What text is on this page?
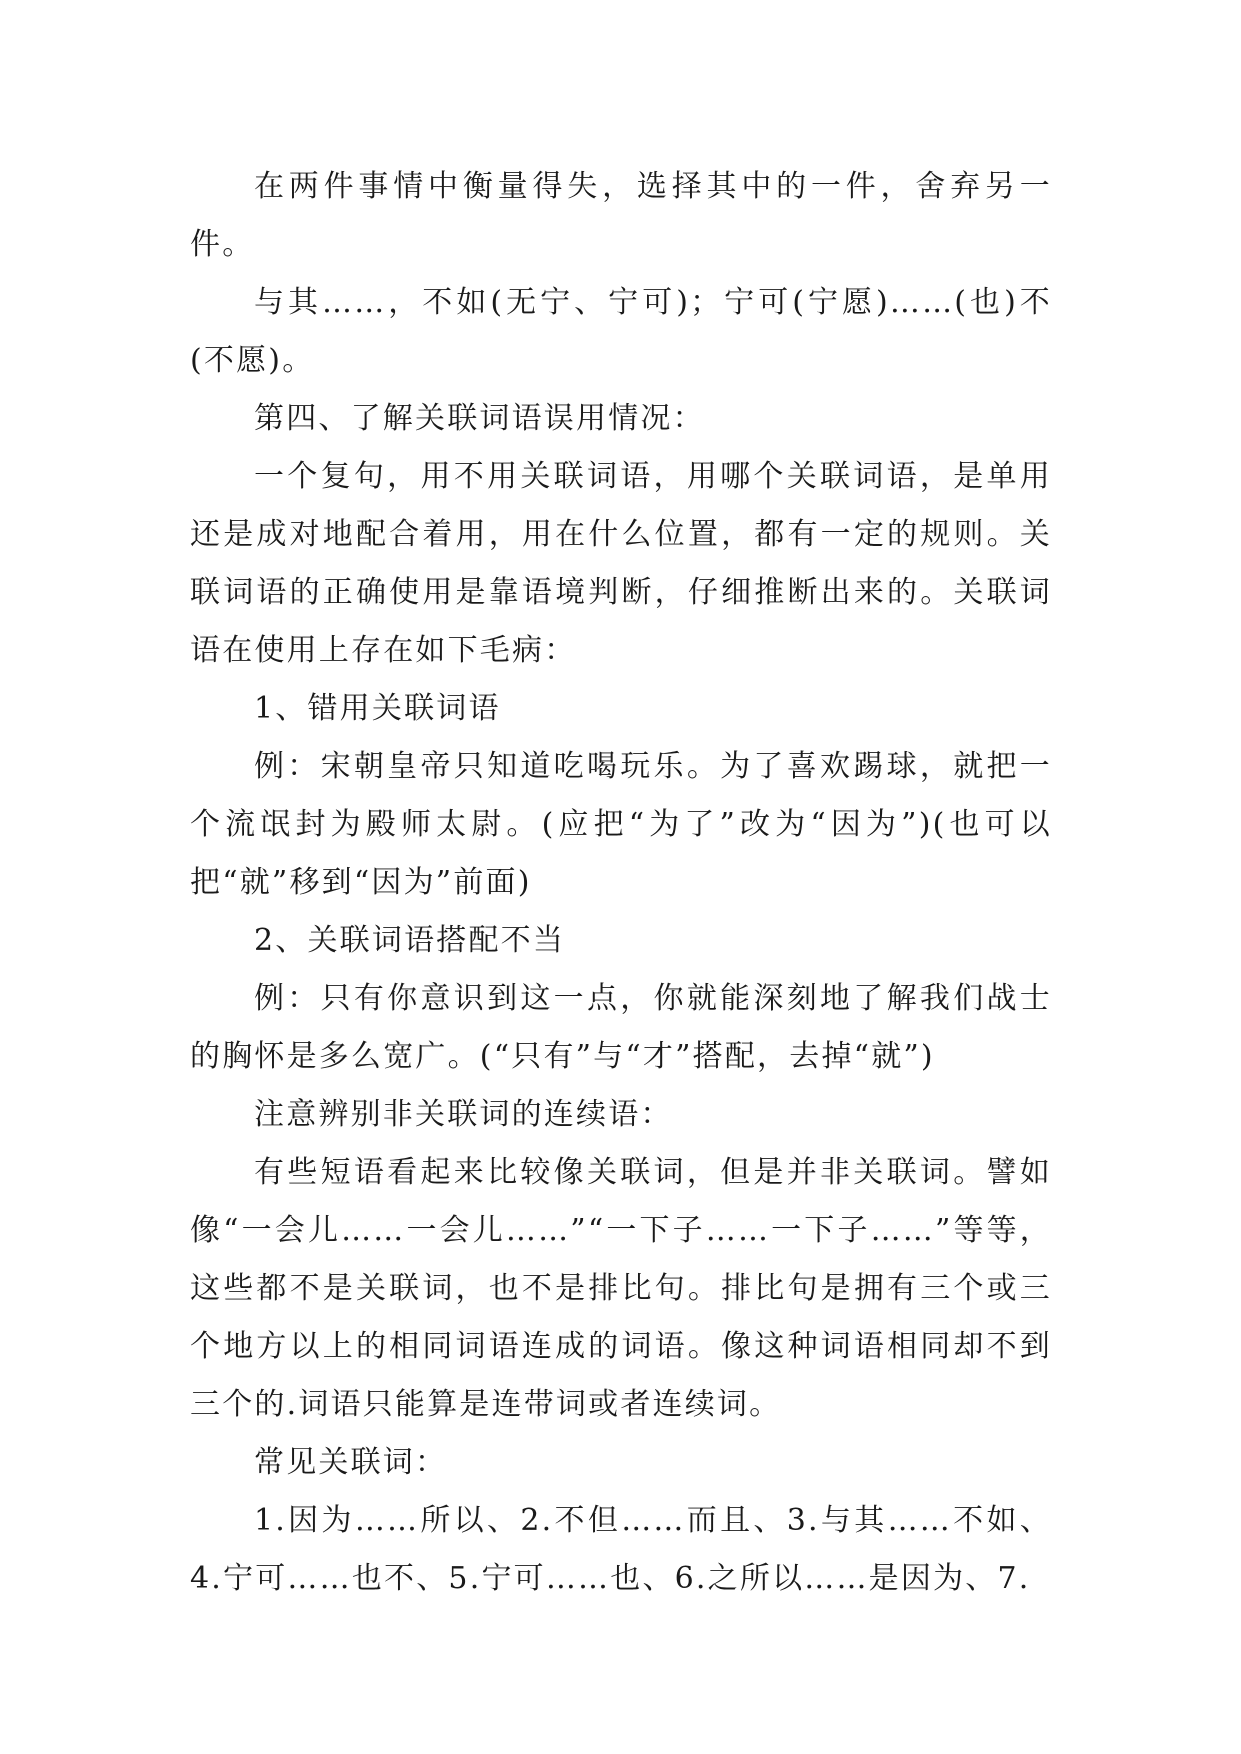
在两件事情中衡量得失，选择其中的一件，舍弃另一件。

与其……，不如(无宁、宁可)；宁可(宁愿)……(也)不(不愿)。

第四、了解关联词语误用情况：

一个复句，用不用关联词语，用哪个关联词语，是单用还是成对地配合着用，用在什么位置，都有一定的规则。关联词语的正确使用是靠语境判断，仔细推断出来的。关联词语在使用上存在如下毛病：

1、错用关联词语

例：宋朝皇帝只知道吃喝玩乐。为了喜欢踢球，就把一个流氓封为殿师太尉。(应把“为了”改为“因为”)(也可以把“就”移到“因为”前面)

2、关联词语搭配不当

例：只有你意识到这一点，你就能深刻地了解我们战士的胸怀是多么宽广。(“只有”与“才”搭配，去掉“就”)

注意辨别非关联词的连续语：

有些短语看起来比较像关联词，但是并非关联词。譬如像“一会儿……一会儿……”“一下子……一下子……”等等，这些都不是关联词，也不是排比句。排比句是拥有三个或三个地方以上的相同词语连成的词语。像这种词语相同却不到三个的.词语只能算是连带词或者连续词。

常见关联词：

1.因为……所以、2.不但……而且、3.与其……不如、4.宁可……也不、5.宁可……也、6.之所以……是因为、7.
